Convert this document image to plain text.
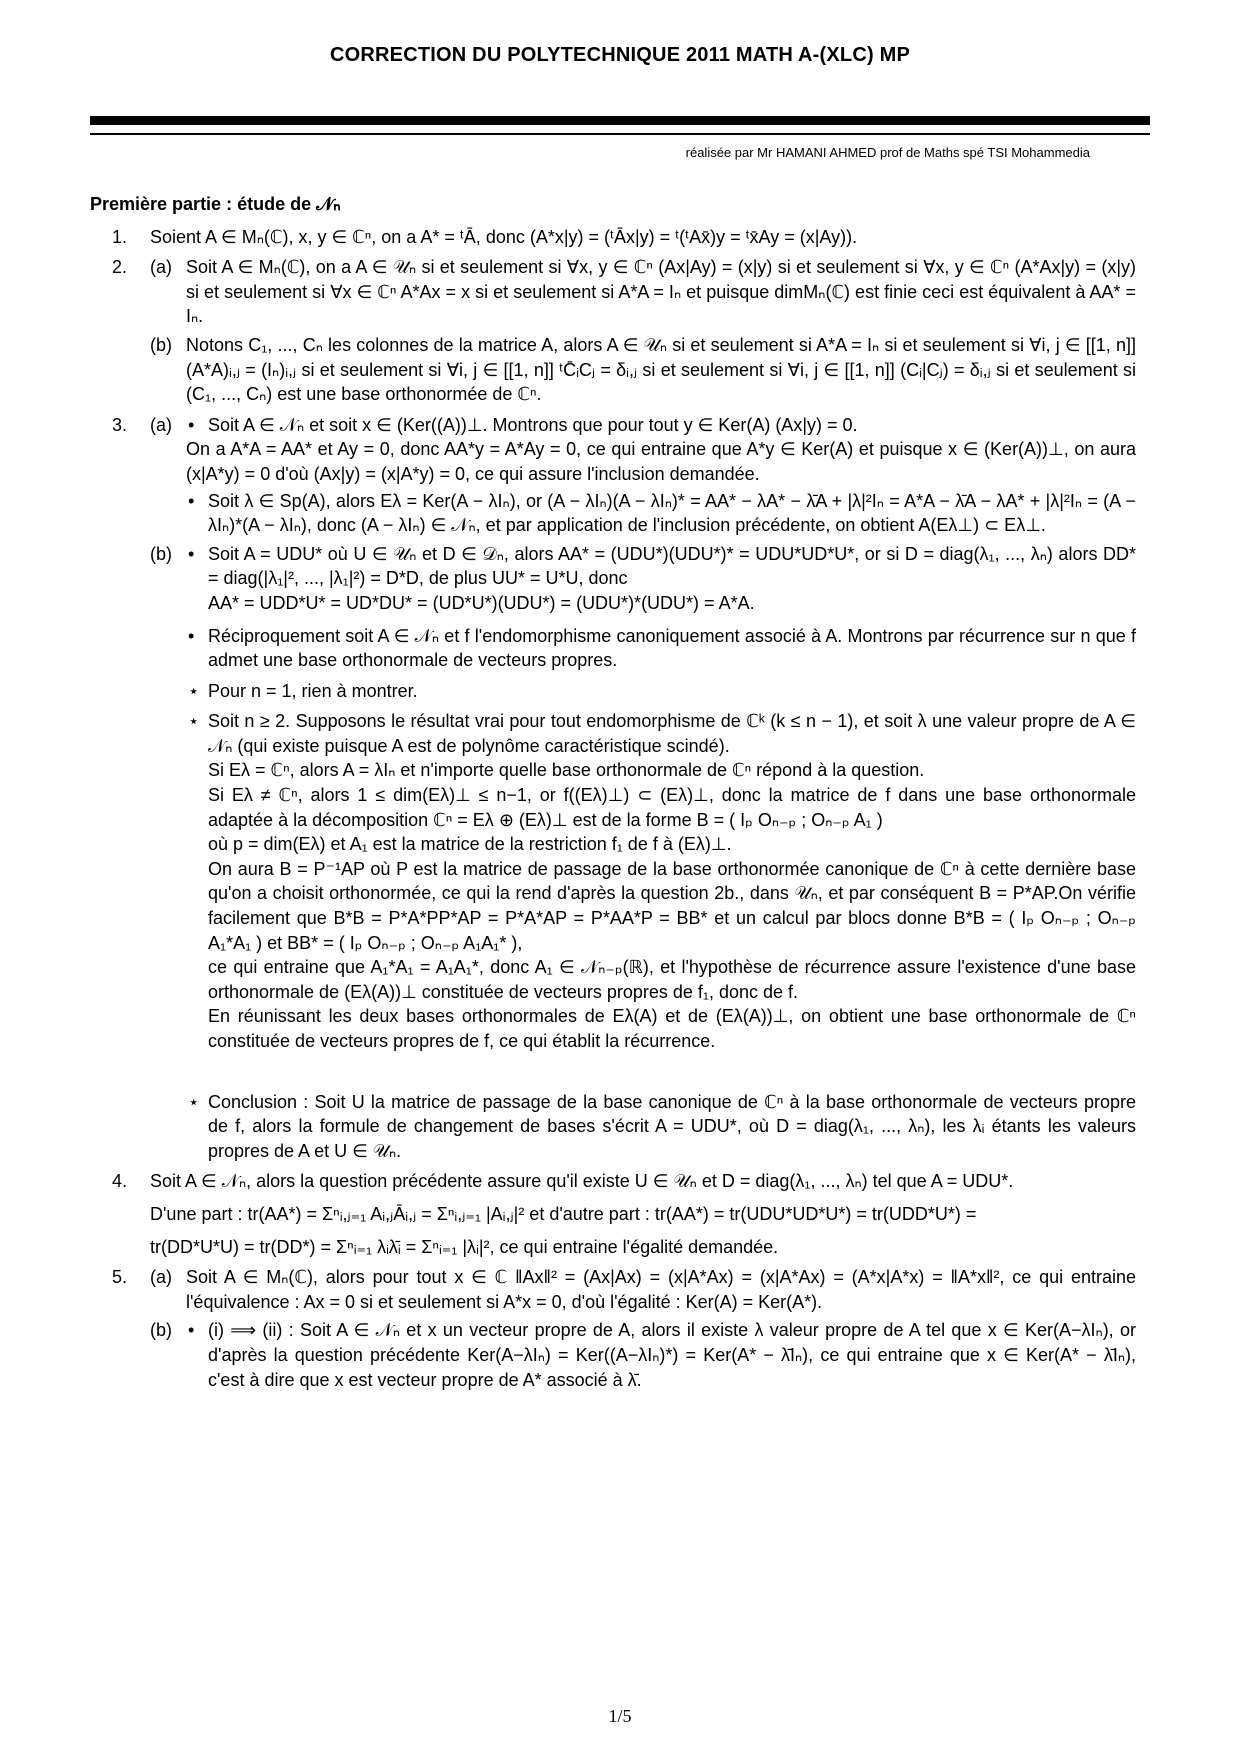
CORRECTION DU POLYTECHNIQUE 2011 MATH A-(XLC) MP
réalisée par Mr HAMANI AHMED prof de Maths spé TSI Mohammedia
Première partie : étude de 𝒩ₙ
1. Soient A ∈ Mₙ(ℂ), x, y ∈ ℂⁿ, on a A* = ᵗĀ, donc (A*x|y) = (ᵗĀx|y) = ᵗ(ᵗAx̄)y = ᵗx̄Ay = (x|Ay)).

2. (a) Soit A ∈ Mₙ(ℂ), on a A ∈ 𝒰ₙ si et seulement si ∀x, y ∈ ℂⁿ (Ax|Ay) = (x|y) si et seulement si ∀x, y ∈ ℂⁿ (A*Ax|y) = (x|y) si et seulement si ∀x ∈ ℂⁿ A*Ax = x si et seulement si A*A = Iₙ et puisque dimMₙ(ℂ) est finie ceci est équivalent à AA* = Iₙ.

(b) Notons C₁, ..., Cₙ les colonnes de la matrice A, alors A ∈ 𝒰ₙ si et seulement si A*A = Iₙ si et seulement si ∀i, j ∈ [[1, n]] (A*A)ᵢ,ⱼ = (Iₙ)ᵢ,ⱼ si et seulement si ∀i, j ∈ [[1, n]] ᵗC̄ᵢCⱼ = δᵢ,ⱼ si et seulement si ∀i, j ∈ [[1, n]] (Cᵢ|Cⱼ) = δᵢ,ⱼ si et seulement si (C₁, ..., Cₙ) est une base orthonormée de ℂⁿ.

3. (a) • Soit A ∈ 𝒩ₙ et soit x ∈ (Ker((A))⊥. Montrons que pour tout y ∈ Ker(A) (Ax|y) = 0.

On a A*A = AA* et Ay = 0, donc AA*y = A*Ay = 0, ce qui entraine que A*y ∈ Ker(A) et puisque x ∈ (Ker(A))⊥, on aura (x|A*y) = 0 d'où (Ax|y) = (x|A*y) = 0, ce qui assure l'inclusion demandée.

• Soit λ ∈ Sp(A), alors Eλ = Ker(A − λIₙ), or (A − λIₙ)(A − λIₙ)* = AA* − λA* − λ̄A + |λ|²Iₙ = A*A − λ̄A − λA* + |λ|²Iₙ = (A − λIₙ)*(A − λIₙ), donc (A − λIₙ) ∈ 𝒩ₙ, et par application de l'inclusion précédente, on obtient A(Eλ⊥) ⊂ Eλ⊥.

(b) • Soit A = UDU* où U ∈ 𝒰ₙ et D ∈ 𝒟ₙ, alors AA* = (UDU*)(UDU*)* = UDU*UD*U*, or si D = diag(λ₁, ..., λₙ) alors DD* = diag(|λ₁|², ..., |λ₁|²) = D*D, de plus UU* = U*U, donc

AA* = UDD*U* = UD*DU* = (UD*U*)(UDU*) = (UDU*)*(UDU*) = A*A.

• Réciproquement soit A ∈ 𝒩ₙ et f l'endomorphisme canoniquement associé à A. Montrons par récurrence sur n que f admet une base orthonormale de vecteurs propres.

⋆ Pour n = 1, rien à montrer.

⋆ Soit n ≥ 2. Supposons le résultat vrai pour tout endomorphisme de ℂᵏ (k ≤ n − 1), et soit λ une valeur propre de A ∈ 𝒩ₙ (qui existe puisque A est de polynôme caractéristique scindé).

Si Eλ = ℂⁿ, alors A = λIₙ et n'importe quelle base orthonormale de ℂⁿ répond à la question.

Si Eλ ≠ ℂⁿ, alors 1 ≤ dim(Eλ)⊥ ≤ n−1, or f((Eλ)⊥) ⊂ (Eλ)⊥, donc la matrice de f dans une base orthonormale adaptée à la décomposition ℂⁿ = Eλ ⊕ (Eλ)⊥ est de la forme B = ( Iₚ Oₙ₋ₚ ; Oₙ₋ₚ A₁ )

où p = dim(Eλ) et A₁ est la matrice de la restriction f₁ de f à (Eλ)⊥.

On aura B = P⁻¹AP où P est la matrice de passage de la base orthonormée canonique de ℂⁿ à cette dernière base qu'on a choisit orthonormée, ce qui la rend d'après la question 2b., dans 𝒰ₙ, et par conséquent B = P*AP.On vérifie facilement que B*B = P*A*PP*AP = P*A*AP = P*AA*P = BB* et un calcul par blocs donne B*B = ( Iₚ Oₙ₋ₚ ; Oₙ₋ₚ A₁*A₁ ) et BB* = ( Iₚ Oₙ₋ₚ ; Oₙ₋ₚ A₁A₁* ),

ce qui entraine que A₁*A₁ = A₁A₁*, donc A₁ ∈ 𝒩ₙ₋ₚ(ℝ), et l'hypothèse de récurrence assure l'existence d'une base orthonormale de (Eλ(A))⊥ constituée de vecteurs propres de f₁, donc de f.

En réunissant les deux bases orthonormales de Eλ(A) et de (Eλ(A))⊥, on obtient une base orthonormale de ℂⁿ constituée de vecteurs propres de f, ce qui établit la récurrence.

⋆ Conclusion : Soit U la matrice de passage de la base canonique de ℂⁿ à la base orthonormale de vecteurs propre de f, alors la formule de changement de bases s'écrit A = UDU*, où D = diag(λ₁, ..., λₙ), les λᵢ étants les valeurs propres de A et U ∈ 𝒰ₙ.

4. Soit A ∈ 𝒩ₙ, alors la question précédente assure qu'il existe U ∈ 𝒰ₙ et D = diag(λ₁, ..., λₙ) tel que A = UDU*.

D'une part : tr(AA*) = Σⁿᵢ,ⱼ₌₁ Aᵢ,ⱼĀᵢ,ⱼ = Σⁿᵢ,ⱼ₌₁ |Aᵢ,ⱼ|² et d'autre part : tr(AA*) = tr(UDU*UD*U*) = tr(UDD*U*) =

tr(DD*U*U) = tr(DD*) = Σⁿᵢ₌₁ λᵢλ̄ᵢ = Σⁿᵢ₌₁ |λᵢ|², ce qui entraine l'égalité demandée.

5. (a) Soit A ∈ Mₙ(ℂ), alors pour tout x ∈ ℂ ‖Ax‖² = (Ax|Ax) = (x|A*Ax) = (x|A*Ax) = (A*x|A*x) = ‖A*x‖², ce qui entraine l'équivalence : Ax = 0 si et seulement si A*x = 0, d'où l'égalité : Ker(A) = Ker(A*).

(b) • (i) ⟹ (ii) : Soit A ∈ 𝒩ₙ et x un vecteur propre de A, alors il existe λ valeur propre de A tel que x ∈ Ker(A−λIₙ), or d'après la question précédente Ker(A−λIₙ) = Ker((A−λIₙ)*) = Ker(A* − λ̄Iₙ), ce qui entraine que x ∈ Ker(A* − λ̄Iₙ), c'est à dire que x est vecteur propre de A* associé à λ̄.

1/5
